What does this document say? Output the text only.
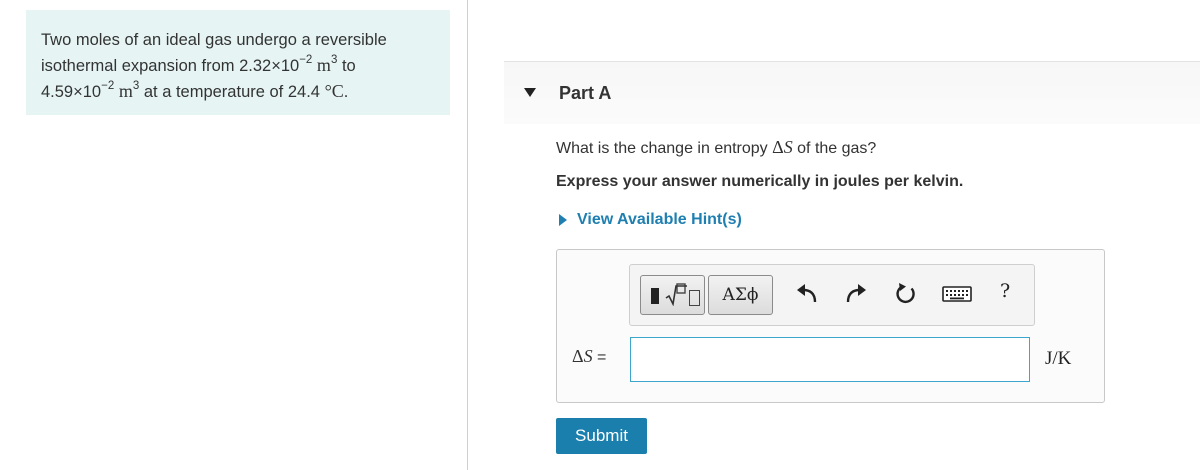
Two moles of an ideal gas undergo a reversible
isothermal expansion from $2.32\times 10^{-2}$ $m^3$ to
$4.59\times 10^{-2}$ $m^3$ at a temperature of 24.4 °C.	Part A
What is the change in entropy ΔS of the gas?
Express your answer numerically in joules per kelvin.
View Available Hint(s)
ΑΣϕ	?
ΔS =	J/K
Submit
